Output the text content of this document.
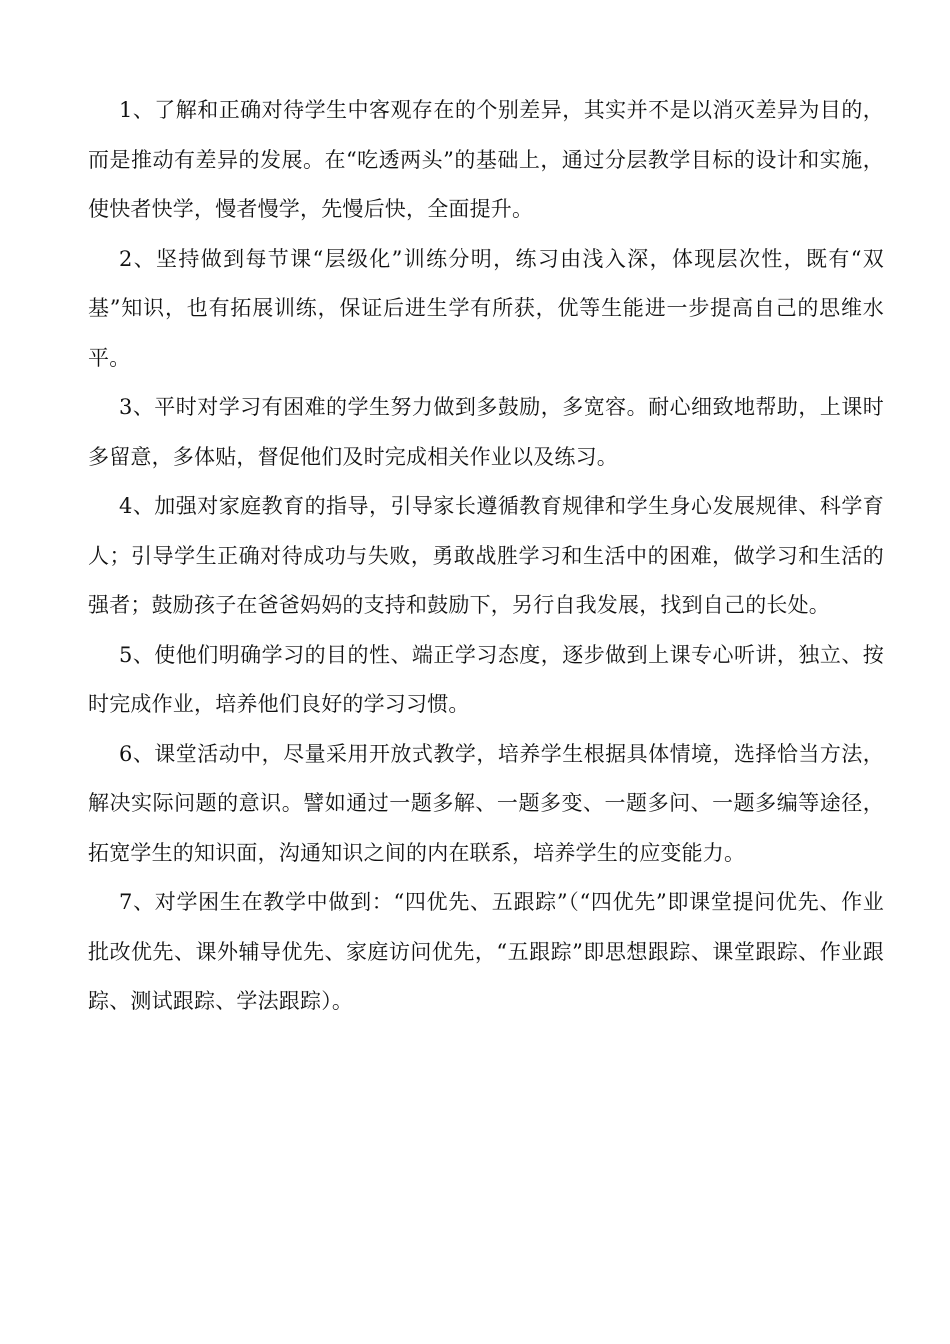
1、了解和正确对待学生中客观存在的个别差异，其实并不是以消灭差异为目的，而是推动有差异的发展。在“吃透两头”的基础上，通过分层教学目标的设计和实施，使快者快学，慢者慢学，先慢后快，全面提升。

2、坚持做到每节课“层级化”训练分明，练习由浅入深，体现层次性，既有“双基”知识，也有拓展训练，保证后进生学有所获，优等生能进一步提高自己的思维水平。

3、平时对学习有困难的学生努力做到多鼓励，多宽容。耐心细致地帮助，上课时多留意，多体贴，督促他们及时完成相关作业以及练习。

4、加强对家庭教育的指导，引导家长遵循教育规律和学生身心发展规律、科学育人；引导学生正确对待成功与失败，勇敢战胜学习和生活中的困难，做学习和生活的强者；鼓励孩子在爸爸妈妈的支持和鼓励下，另行自我发展，找到自己的长处。

5、使他们明确学习的目的性、端正学习态度，逐步做到上课专心听讲，独立、按时完成作业，培养他们良好的学习习惯。

6、课堂活动中，尽量采用开放式教学，培养学生根据具体情境，选择恰当方法，解决实际问题的意识。譬如通过一题多解、一题多变、一题多问、一题多编等途径，拓宽学生的知识面，沟通知识之间的内在联系，培养学生的应变能力。

7、对学困生在教学中做到：“四优先、五跟踪”（“四优先”即课堂提问优先、作业批改优先、课外辅导优先、家庭访问优先，“五跟踪”即思想跟踪、课堂跟踪、作业跟踪、测试跟踪、学法跟踪）。
